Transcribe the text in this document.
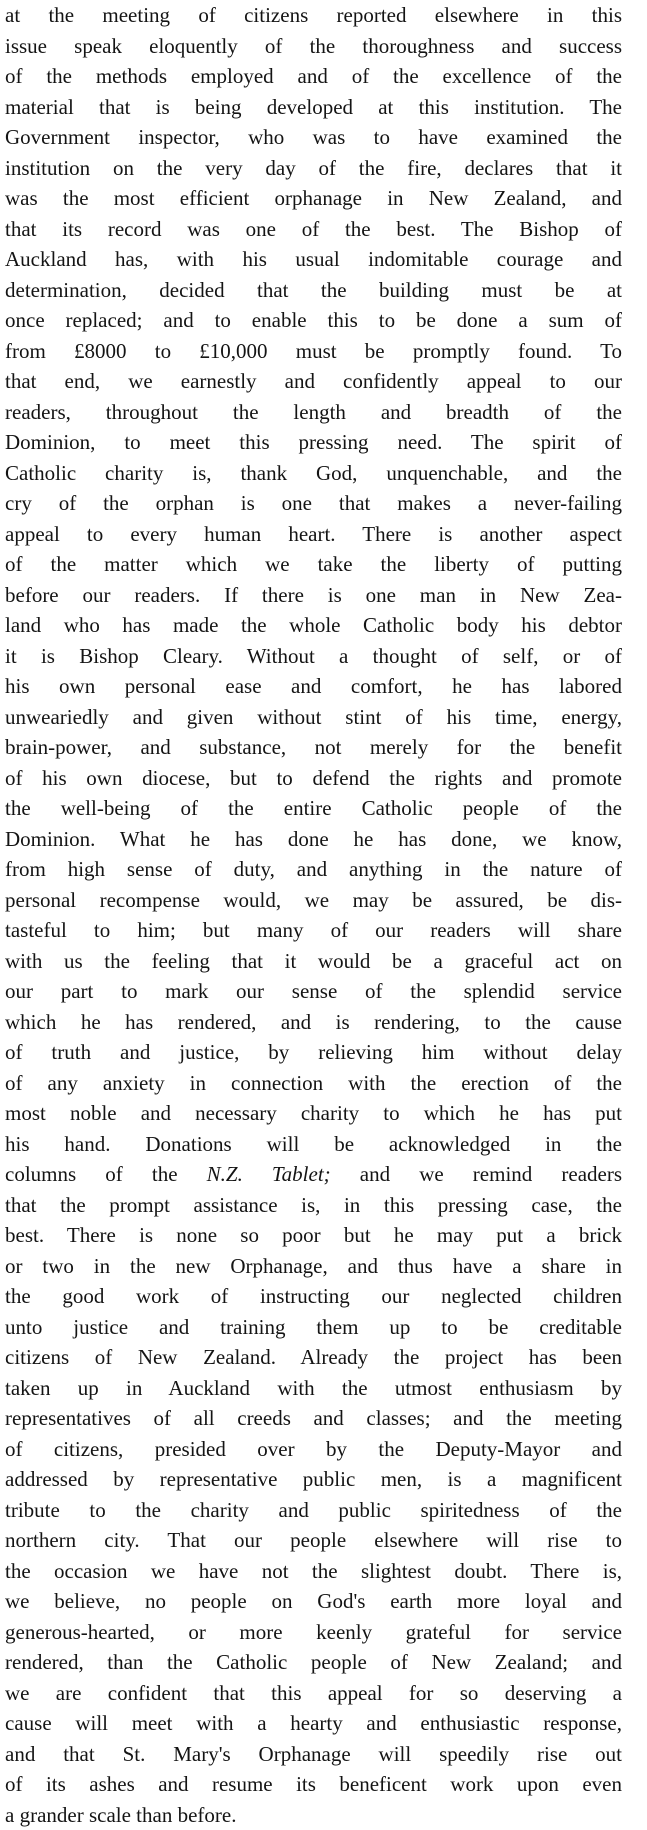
at the meeting of citizens reported elsewhere in this
issue speak eloquently of the thoroughness and success
of the methods employed and of the excellence of the
material that is being developed at this institution. The
Government inspector, who was to have examined the
institution on the very day of the fire, declares that it
was the most efficient orphanage in New Zealand, and
that its record was one of the best. The Bishop of
Auckland has, with his usual indomitable courage and
determination, decided that the building must be at
once replaced; and to enable this to be done a sum of
from £8000 to £10,000 must be promptly found. To
that end, we earnestly and confidently appeal to our
readers, throughout the length and breadth of the
Dominion, to meet this pressing need. The spirit of
Catholic charity is, thank God, unquenchable, and the
cry of the orphan is one that makes a never-failing
appeal to every human heart. There is another aspect
of the matter which we take the liberty of putting
before our readers. If there is one man in New Zea-
land who has made the whole Catholic body his debtor
it is Bishop Cleary. Without a thought of self, or of
his own personal ease and comfort, he has labored
unweariedly and given without stint of his time, energy,
brain-power, and substance, not merely for the benefit
of his own diocese, but to defend the rights and promote
the well-being of the entire Catholic people of the
Dominion. What he has done he has done, we know,
from high sense of duty, and anything in the nature of
personal recompense would, we may be assured, be dis-
tasteful to him; but many of our readers will share
with us the feeling that it would be a graceful act on
our part to mark our sense of the splendid service
which he has rendered, and is rendering, to the cause
of truth and justice, by relieving him without delay
of any anxiety in connection with the erection of the
most noble and necessary charity to which he has put
his hand. Donations will be acknowledged in the
columns of the N.Z. Tablet; and we remind readers
that the prompt assistance is, in this pressing case, the
best. There is none so poor but he may put a brick
or two in the new Orphanage, and thus have a share in
the good work of instructing our neglected children
unto justice and training them up to be creditable
citizens of New Zealand. Already the project has been
taken up in Auckland with the utmost enthusiasm by
representatives of all creeds and classes; and the meeting
of citizens, presided over by the Deputy-Mayor and
addressed by representative public men, is a magnificent
tribute to the charity and public spiritedness of the
northern city. That our people elsewhere will rise to
the occasion we have not the slightest doubt. There is,
we believe, no people on God's earth more loyal and
generous-hearted, or more keenly grateful for service
rendered, than the Catholic people of New Zealand; and
we are confident that this appeal for so deserving a
cause will meet with a hearty and enthusiastic response,
and that St. Mary's Orphanage will speedily rise out
of its ashes and resume its beneficent work upon even
a grander scale than before.
